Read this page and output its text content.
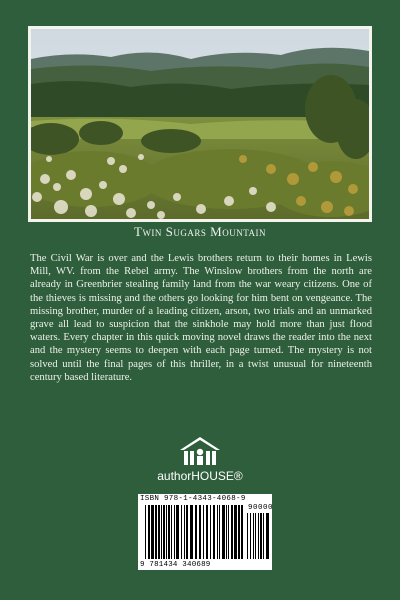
Twin Sugars Mountain

The Civil War is over and the Lewis brothers return to their homes in Lewis Mill, WV. from the Rebel army. The Winslow brothers from the north are already in Greenbrier stealing family land from the war weary citizens. One of the thieves is missing and the others go looking for him bent on vengeance. The missing brother, murder of a leading citizen, arson, two trials and an unmarked grave all lead to suspicion that the sinkhole may hold more than just flood waters. Every chapter in this quick moving novel draws the reader into the next and the mystery seems to deepen with each page turned. The mystery is not solved until the final pages of this thriller, in a twist unusual for nineteenth century based literature.

authorHOUSE®
ISBN 978-1-4343-4068-9
90000
9 781434 340689
